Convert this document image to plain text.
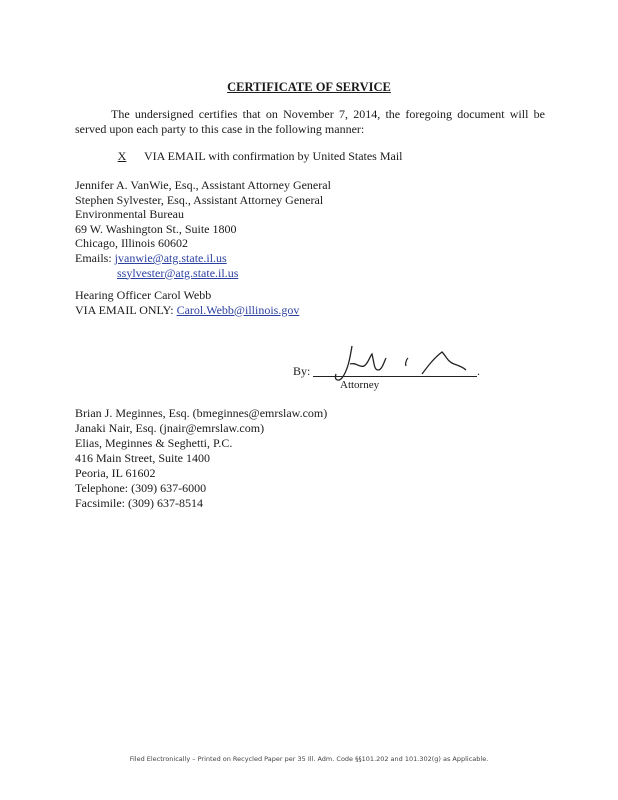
CERTIFICATE OF SERVICE
The undersigned certifies that on November 7, 2014, the foregoing document will be served upon each party to this case in the following manner:
X VIA EMAIL with confirmation by United States Mail
Jennifer A. VanWie, Esq., Assistant Attorney General
Stephen Sylvester, Esq., Assistant Attorney General
Environmental Bureau
69 W. Washington St., Suite 1800
Chicago, Illinois 60602
Emails: jvanwie@atg.state.il.us
ssylvester@atg.state.il.us
Hearing Officer Carol Webb
VIA EMAIL ONLY: Carol.Webb@illinois.gov
By:	.
Attorney
Brian J. Meginnes, Esq. (bmeginnes@emrslaw.com)
Janaki Nair, Esq. (jnair@emrslaw.com)
Elias, Meginnes & Seghetti, P.C.
416 Main Street, Suite 1400
Peoria, IL 61602
Telephone: (309) 637-6000
Facsimile: (309) 637-8514
Filed Electronically – Printed on Recycled Paper per 35 Ill. Adm. Code §§101.202 and 101.302(g) as Applicable.
